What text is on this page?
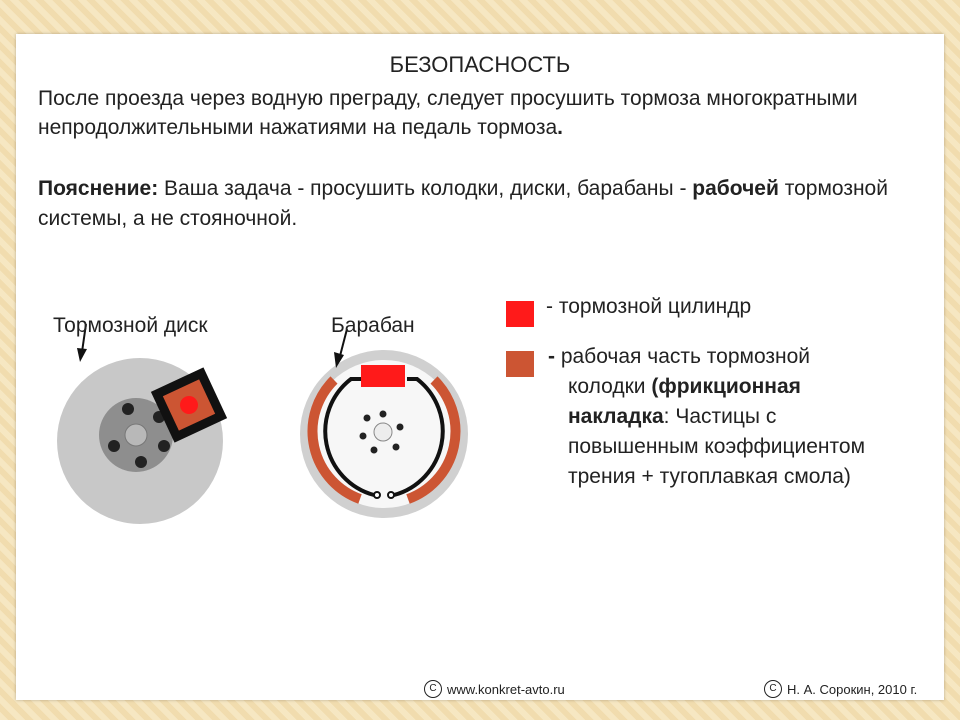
БЕЗОПАСНОСТЬ
После проезда через водную преграду, следует просушить тормоза многократными непродолжительными нажатиями на педаль тормоза.
Пояснение: Ваша задача - просушить колодки, диски, барабаны - рабочей тормозной системы, а не стояночной.
Тормозной диск	Барабан
- тормозной цилиндр
- рабочая часть тормозной
колодки (фрикционная
накладка: Частицы с
повышенным коэффициентом
трения + тугоплавкая смола)
C www.konkret-avto.ru	C Н. А. Сорокин, 2010 г.
